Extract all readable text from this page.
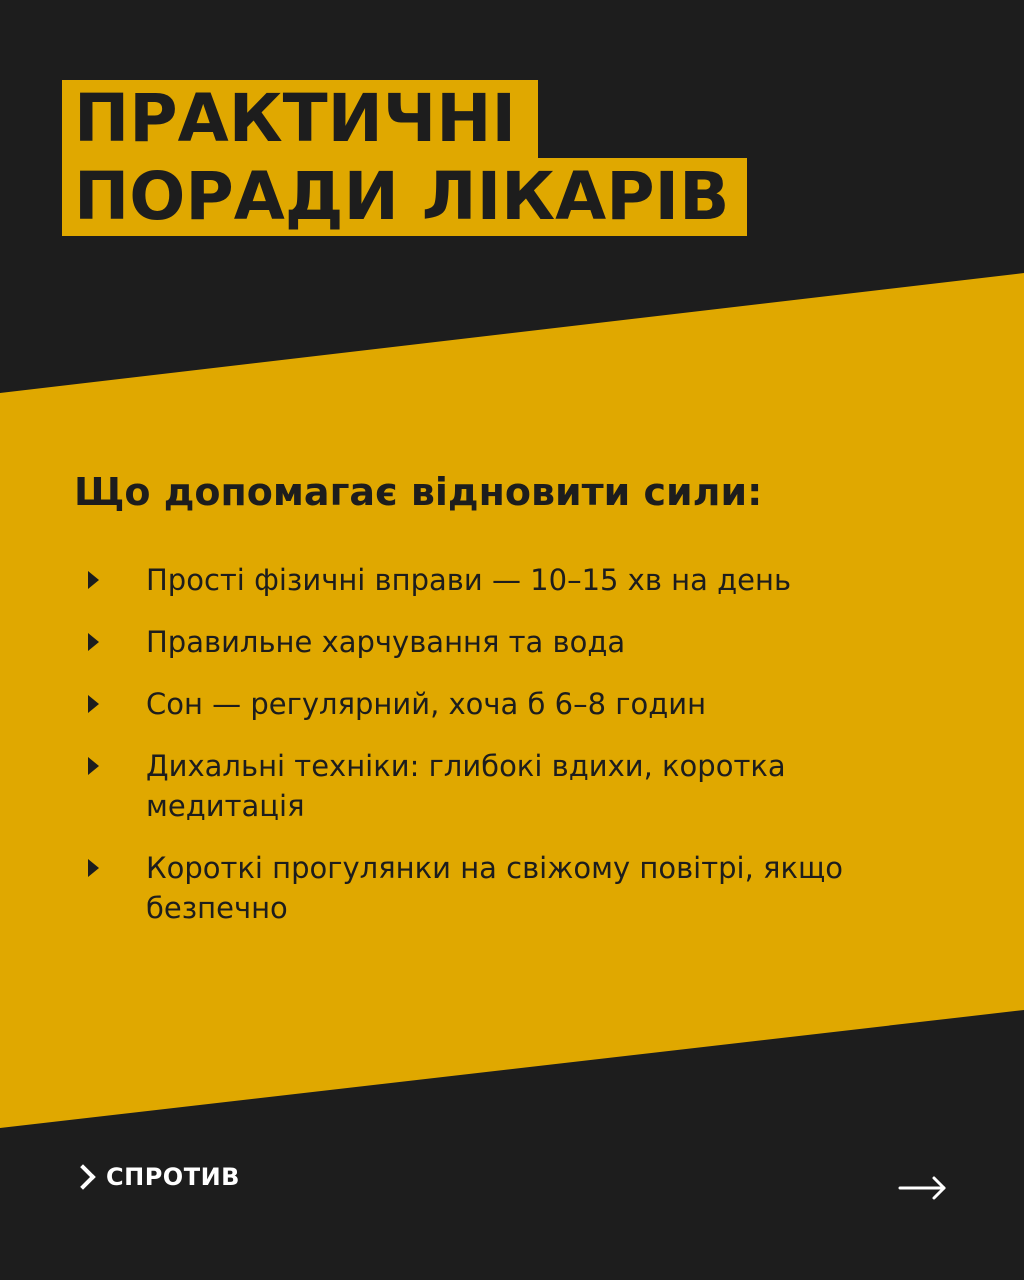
ПРАКТИЧНІ
ПОРАДИ ЛІКАРІВ
Що допомагає відновити сили:
Прості фізичні вправи — 10–15 хв на день
Правильне харчування та вода
Сон — регулярний, хоча б 6–8 годин
Дихальні техніки: глибокі вдихи, коротка медитація
Короткі прогулянки на свіжому повітрі, якщо безпечно
СПРОТИВ
